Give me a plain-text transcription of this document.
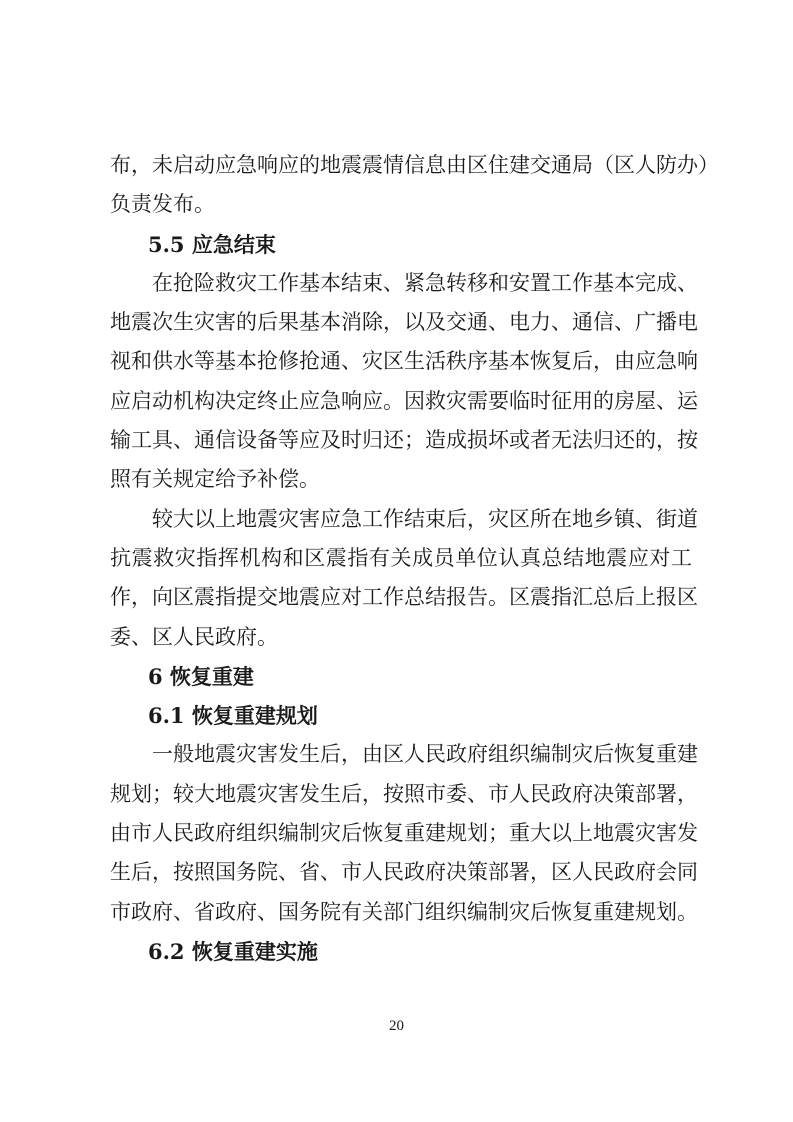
布，未启动应急响应的地震震情信息由区住建交通局（区人防办）
负责发布。
5.5 应急结束
在抢险救灾工作基本结束、紧急转移和安置工作基本完成、
地震次生灾害的后果基本消除，以及交通、电力、通信、广播电
视和供水等基本抢修抢通、灾区生活秩序基本恢复后，由应急响
应启动机构决定终止应急响应。因救灾需要临时征用的房屋、运
输工具、通信设备等应及时归还；造成损坏或者无法归还的，按
照有关规定给予补偿。
较大以上地震灾害应急工作结束后，灾区所在地乡镇、街道
抗震救灾指挥机构和区震指有关成员单位认真总结地震应对工
作，向区震指提交地震应对工作总结报告。区震指汇总后上报区
委、区人民政府。
6 恢复重建
6.1 恢复重建规划
一般地震灾害发生后，由区人民政府组织编制灾后恢复重建
规划；较大地震灾害发生后，按照市委、市人民政府决策部署，
由市人民政府组织编制灾后恢复重建规划；重大以上地震灾害发
生后，按照国务院、省、市人民政府决策部署，区人民政府会同
市政府、省政府、国务院有关部门组织编制灾后恢复重建规划。
6.2 恢复重建实施
20
